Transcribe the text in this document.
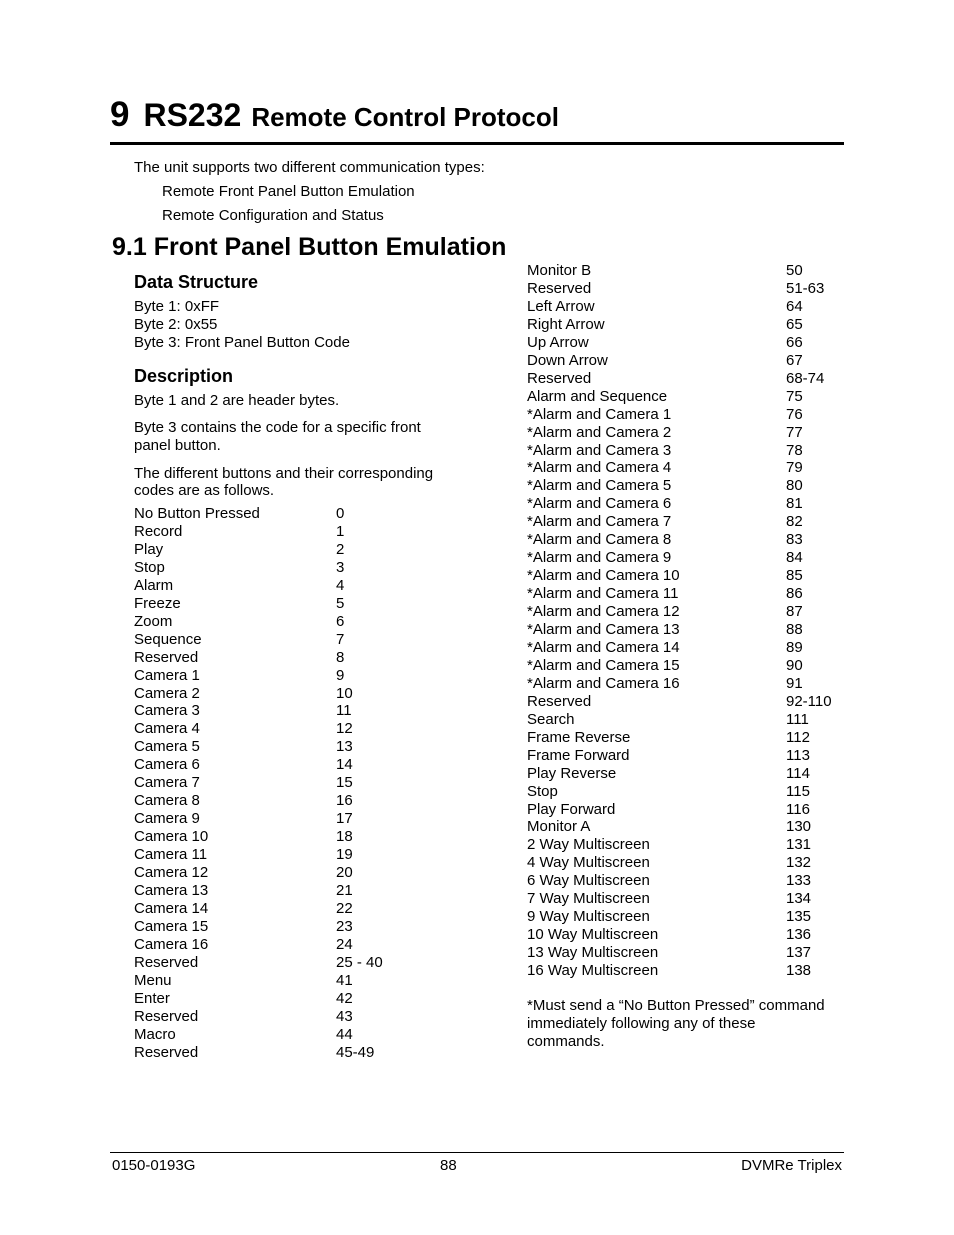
9 RS232 Remote Control Protocol
The unit supports two different communication types:
Remote Front Panel Button Emulation
Remote Configuration and Status
9.1 Front Panel Button Emulation
Data Structure
Byte 1: 0xFF
Byte 2: 0x55
Byte 3: Front Panel Button Code
Description
Byte 1 and 2 are header bytes.
Byte 3 contains the code for a specific front
panel button.
The different buttons and their corresponding
codes are as follows.
No Button Pressed	0
Record	1
Play	2
Stop	3
Alarm	4
Freeze	5
Zoom	6
Sequence	7
Reserved	8
Camera 1	9
Camera 2	10
Camera 3	11
Camera 4	12
Camera 5	13
Camera 6	14
Camera 7	15
Camera 8	16
Camera 9	17
Camera 10	18
Camera 11	19
Camera 12	20
Camera 13	21
Camera 14	22
Camera 15	23
Camera 16	24
Reserved	25 - 40
Menu	41
Enter	42
Reserved	43
Macro	44
Reserved	45-49
Monitor B	50
Reserved	51-63
Left Arrow	64
Right Arrow	65
Up Arrow	66
Down Arrow	67
Reserved	68-74
Alarm and Sequence	75
*Alarm and Camera 1	76
*Alarm and Camera 2	77
*Alarm and Camera 3	78
*Alarm and Camera 4	79
*Alarm and Camera 5	80
*Alarm and Camera 6	81
*Alarm and Camera 7	82
*Alarm and Camera 8	83
*Alarm and Camera 9	84
*Alarm and Camera 10	85
*Alarm and Camera 11	86
*Alarm and Camera 12	87
*Alarm and Camera 13	88
*Alarm and Camera 14	89
*Alarm and Camera 15	90
*Alarm and Camera 16	91
Reserved	92-110
Search	111
Frame Reverse	112
Frame Forward	113
Play Reverse	114
Stop	115
Play Forward	116
Monitor A	130
2 Way Multiscreen	131
4 Way Multiscreen	132
6 Way Multiscreen	133
7 Way Multiscreen	134
9 Way Multiscreen	135
10 Way Multiscreen	136
13 Way Multiscreen	137
16 Way Multiscreen	138
*Must send a “No Button Pressed” command
immediately following any of these
commands.
0150-0193G	88	DVMRe Triplex
